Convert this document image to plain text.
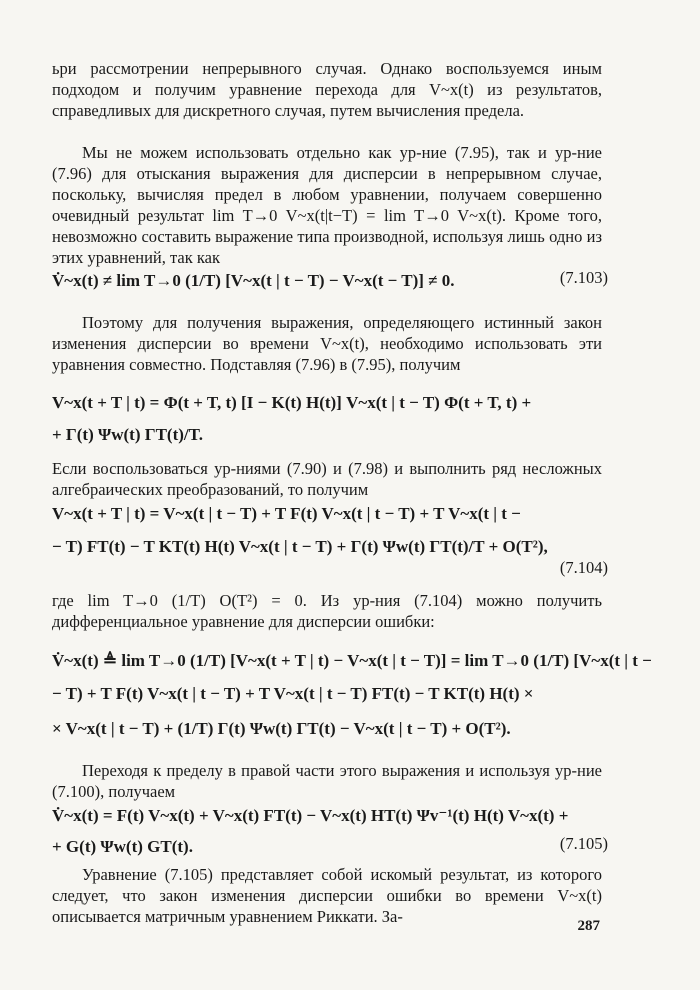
ьри рассмотрении непрерывного случая. Однако воспользуемся иным подходом и получим уравнение перехода для V~x(t) из результатов, справедливых для дискретного случая, путем вычисления предела.
Мы не можем использовать отдельно как ур-ние (7.95), так и ур-ние (7.96) для отыскания выражения для дисперсии в непрерывном случае, поскольку, вычисляя предел в любом уравнении, получаем совершенно очевидный результат lim T→0 V~x(t|t−T) = lim T→0 V~x(t). Кроме того, невозможно составить выражение типа производной, используя лишь одно из этих уравнений, так как
V̇~x(t) ≠ lim T→0 (1/T) [V~x(t | t − T) − V~x(t − T)] ≠ 0.	(7.103)
Поэтому для получения выражения, определяющего истинный закон изменения дисперсии во времени V~x(t), необходимо использовать эти уравнения совместно. Подставляя (7.96) в (7.95), получим
V~x(t + T | t) = Φ(t + T, t) [I − K(t) H(t)] V~x(t | t − T) Φ(t + T, t) +
+ Γ(t) Ψw(t) ΓT(t)/T.
Если воспользоваться ур-ниями (7.90) и (7.98) и выполнить ряд несложных алгебраических преобразований, то получим
V~x(t + T | t) = V~x(t | t − T) + T F(t) V~x(t | t − T) + T V~x(t | t −
− T) FT(t) − T KT(t) H(t) V~x(t | t − T) + Γ(t) Ψw(t) ΓT(t)/T + O(T²),
(7.104)
где lim T→0 (1/T) O(T²) = 0. Из ур-ния (7.104) можно получить дифференциальное уравнение для дисперсии ошибки:
V̇~x(t) ≜ lim T→0 (1/T) [V~x(t + T | t) − V~x(t | t − T)] = lim T→0 (1/T) [V~x(t | t −
− T) + T F(t) V~x(t | t − T) + T V~x(t | t − T) FT(t) − T KT(t) H(t) ×
× V~x(t | t − T) + (1/T) Γ(t) Ψw(t) ΓT(t) − V~x(t | t − T) + O(T²).
Переходя к пределу в правой части этого выражения и используя ур-ние (7.100), получаем
V̇~x(t) = F(t) V~x(t) + V~x(t) FT(t) − V~x(t) HT(t) Ψv⁻¹(t) H(t) V~x(t) +
+ G(t) Ψw(t) GT(t).	(7.105)
Уравнение (7.105) представляет собой искомый результат, из которого следует, что закон изменения дисперсии ошибки во времени V~x(t) описывается матричным уравнением Риккати. За-	287
